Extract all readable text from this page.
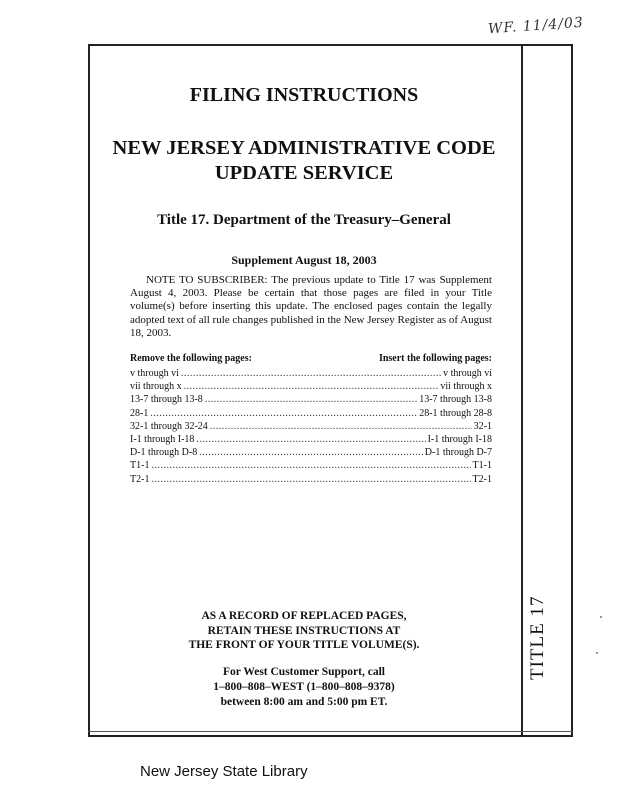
WF. 11/4/03
TITLE 17
FILING INSTRUCTIONS
NEW JERSEY ADMINISTRATIVE CODE
UPDATE SERVICE
Title 17. Department of the Treasury–General
Supplement August 18, 2003
NOTE TO SUBSCRIBER: The previous update to Title 17 was Supplement August 4, 2003. Please be certain that those pages are filed in your Title volume(s) before inserting this update. The enclosed pages contain the legally adopted text of all rule changes published in the New Jersey Register as of August 18, 2003.
Remove the following pages:	Insert the following pages:
v through vi .....	v through vi
vii through x .....	vii through x
13-7 through 13-8 .....	13-7 through 13-8
28-1 .....	28-1 through 28-8
32-1 through 32-24 .....	32-1
I-1 through I-18 .....	I-1 through I-18
D-1 through D-8 .....	D-1 through D-7
T1-1 .....	T1-1
T2-1 .....	T2-1
AS A RECORD OF REPLACED PAGES,
RETAIN THESE INSTRUCTIONS AT
THE FRONT OF YOUR TITLE VOLUME(S).
For West Customer Support, call
1–800–808–WEST (1–800–808–9378)
between 8:00 am and 5:00 pm ET.
New Jersey State Library
